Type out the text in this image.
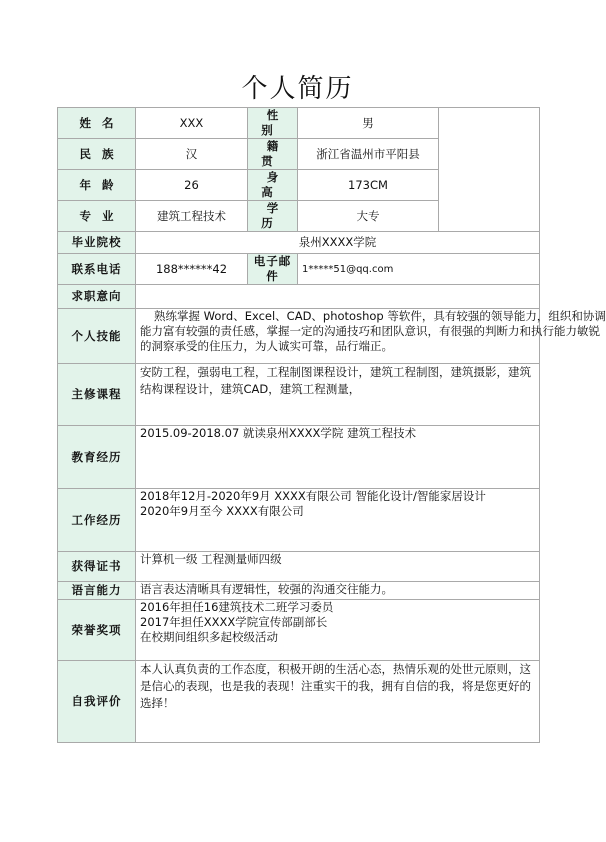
个人简历
姓名	XXX	性别	男	
民族	汉	籍贯	浙江省温州市平阳县	
年龄	26	身高	173CM	
专业	建筑工程技术	学历	大专	
毕业院校	泉州XXXX学院			
联系电话	188******42	电子邮件	1*****51@qq.com	
求职意向				
个人技能	熟练掌握 Word、Excel、CAD、photoshop 等软件，具有较强的领导能力，组织和协调
能力富有较强的责任感，掌握一定的沟通技巧和团队意识，有很强的判断力和执行能力敏锐
的洞察承受的住压力，为人诚实可靠，品行端正。			

主修课程	安防工程，强弱电工程，工程制图课程设计，建筑工程制图，建筑摄影，建筑结构课程设计，建筑CAD，建筑工程测量，			
教育经历	2015.09-2018.07 就读泉州XXXX学院 建筑工程技术			

工作经历	2018年12月-2020年9月 XXXX有限公司 智能化设计/智能家居设计
2020年9月至今 XXXX有限公司			

获得证书	计算机一级 工程测量师四级			
语言能力	语言表达清晰具有逻辑性，较强的沟通交往能力。			
荣誉奖项	2016年担任16建筑技术二班学习委员
2017年担任XXXX学院宣传部副部长
在校期间组织多起校级活动			

自我评价	本人认真负责的工作态度，积极开朗的生活心态，热情乐观的处世元原则，这是信心的表现，也是我的表现！注重实干的我，拥有自信的我，将是您更好的选择！			
